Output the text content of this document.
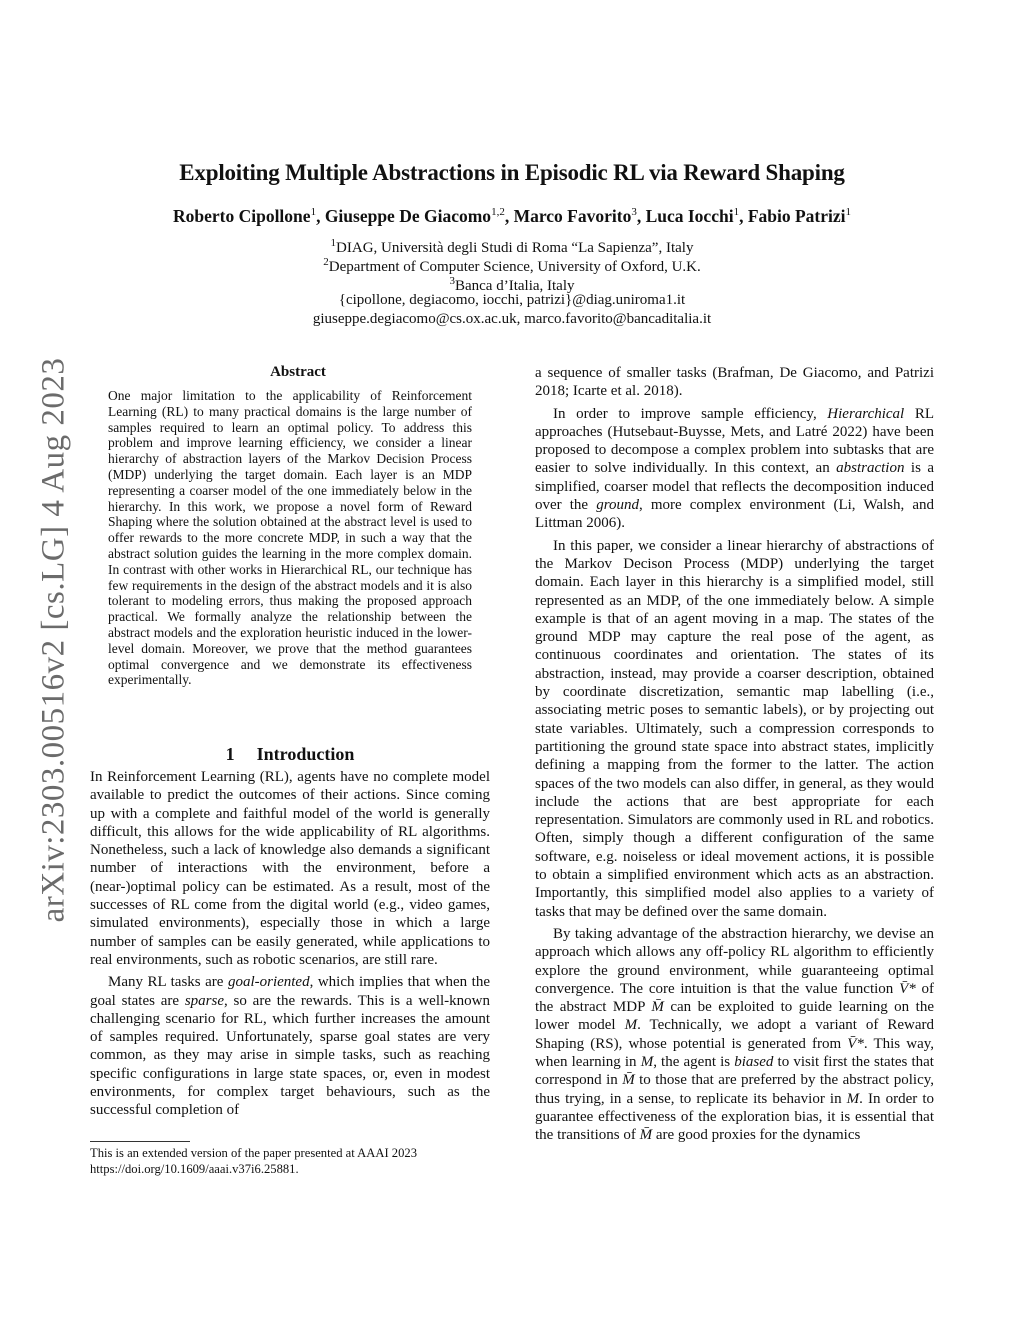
arXiv:2303.00516v2 [cs.LG] 4 Aug 2023
Exploiting Multiple Abstractions in Episodic RL via Reward Shaping
Roberto Cipollone$^1$, Giuseppe De Giacomo$^{1,2}$, Marco Favorito$^3$, Luca Iocchi$^1$, Fabio Patrizi$^1$
$^1$DIAG, Università degli Studi di Roma “La Sapienza”, Italy
$^2$Department of Computer Science, University of Oxford, U.K.
$^3$Banca d’Italia, Italy
{cipollone, degiacomo, iocchi, patrizi}@diag.uniroma1.it
giuseppe.degiacomo@cs.ox.ac.uk, marco.favorito@bancaditalia.it
Abstract

One major limitation to the applicability of Reinforcement Learning (RL) to many practical domains is the large number of samples required to learn an optimal policy. To address this problem and improve learning efficiency, we consider a linear hierarchy of abstraction layers of the Markov Decision Process (MDP) underlying the target domain. Each layer is an MDP representing a coarser model of the one immediately below in the hierarchy. In this work, we propose a novel form of Reward Shaping where the solution obtained at the abstract level is used to offer rewards to the more concrete MDP, in such a way that the abstract solution guides the learning in the more complex domain. In contrast with other works in Hierarchical RL, our technique has few requirements in the design of the abstract models and it is also tolerant to modeling errors, thus making the proposed approach practical. We formally analyze the relationship between the abstract models and the exploration heuristic induced in the lower-level domain. Moreover, we prove that the method guarantees optimal convergence and we demonstrate its effectiveness experimentally.

1 Introduction

In Reinforcement Learning (RL), agents have no complete model available to predict the outcomes of their actions. Since coming up with a complete and faithful model of the world is generally difficult, this allows for the wide applicability of RL algorithms. Nonetheless, such a lack of knowledge also demands a significant number of interactions with the environment, before a (near-)optimal policy can be estimated. As a result, most of the successes of RL come from the digital world (e.g., video games, simulated environments), especially those in which a large number of samples can be easily generated, while applications to real environments, such as robotic scenarios, are still rare.

Many RL tasks are goal-oriented, which implies that when the goal states are sparse, so are the rewards. This is a well-known challenging scenario for RL, which further increases the amount of samples required. Unfortunately, sparse goal states are very common, as they may arise in simple tasks, such as reaching specific configurations in large state spaces, or, even in modest environments, for complex target behaviours, such as the successful completion of

This is an extended version of the paper presented at AAAI 2023
https://doi.org/10.1609/aaai.v37i6.25881.

a sequence of smaller tasks (Brafman, De Giacomo, and Patrizi 2018; Icarte et al. 2018).

In order to improve sample efficiency, Hierarchical RL approaches (Hutsebaut-Buysse, Mets, and Latré 2022) have been proposed to decompose a complex problem into subtasks that are easier to solve individually. In this context, an abstraction is a simplified, coarser model that reflects the decomposition induced over the ground, more complex environment (Li, Walsh, and Littman 2006).

In this paper, we consider a linear hierarchy of abstractions of the Markov Decison Process (MDP) underlying the target domain. Each layer in this hierarchy is a simplified model, still represented as an MDP, of the one immediately below. A simple example is that of an agent moving in a map. The states of the ground MDP may capture the real pose of the agent, as continuous coordinates and orientation. The states of its abstraction, instead, may provide a coarser description, obtained by coordinate discretization, semantic map labelling (i.e., associating metric poses to semantic labels), or by projecting out state variables. Ultimately, such a compression corresponds to partitioning the ground state space into abstract states, implicitly defining a mapping from the former to the latter. The action spaces of the two models can also differ, in general, as they would include the actions that are best appropriate for each representation. Simulators are commonly used in RL and robotics. Often, simply though a different configuration of the same software, e.g. noiseless or ideal movement actions, it is possible to obtain a simplified environment which acts as an abstraction. Importantly, this simplified model also applies to a variety of tasks that may be defined over the same domain.

By taking advantage of the abstraction hierarchy, we devise an approach which allows any off-policy RL algorithm to efficiently explore the ground environment, while guaranteeing optimal convergence. The core intuition is that the value function V̄* of the abstract MDP M̄ can be exploited to guide learning on the lower model M. Technically, we adopt a variant of Reward Shaping (RS), whose potential is generated from V̄*. This way, when learning in M, the agent is biased to visit first the states that correspond in M̄ to those that are preferred by the abstract policy, thus trying, in a sense, to replicate its behavior in M. In order to guarantee effectiveness of the exploration bias, it is essential that the transitions of M̄ are good proxies for the dynamics
